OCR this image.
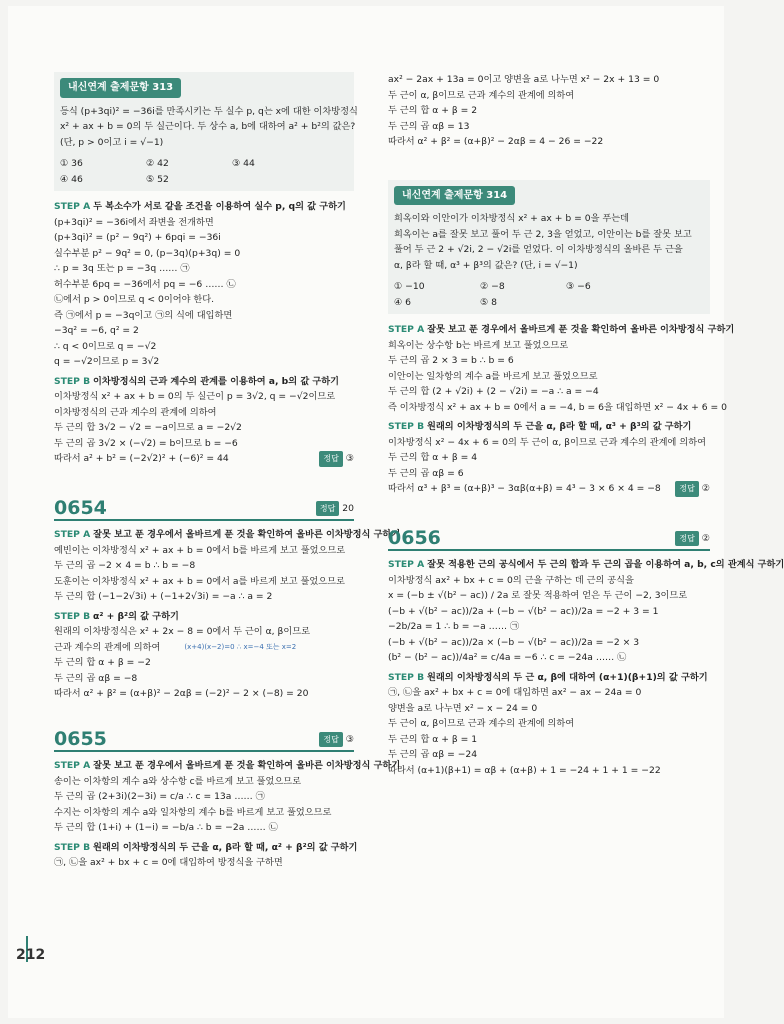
내신연계 출제문항 313
등식 (p+3qi)² = −36i를 만족시키는 두 실수 p, q는 x에 대한 이차방정식
x² + ax + b = 0의 두 실근이다. 두 상수 a, b에 대하여 a² + b²의 값은?
(단, p > 0이고 i = √−1)
① 36	② 42	③ 44
④ 46	⑤ 52
STEP A 두 복소수가 서로 같을 조건을 이용하여 실수 p, q의 값 구하기
(p+3qi)² = −36i에서 좌변을 전개하면
(p+3qi)² = (p² − 9q²) + 6pqi = −36i
실수부분 p² − 9q² = 0, (p−3q)(p+3q) = 0
∴ p = 3q 또는 p = −3q …… ㉠
허수부분 6pq = −36에서 pq = −6 …… ㉡
㉡에서 p > 0이므로 q < 0이어야 한다.
즉 ㉠에서 p = −3q이고 ㉠의 식에 대입하면
−3q² = −6, q² = 2
∴ q < 0이므로 q = −√2
q = −√2이므로 p = 3√2
STEP B 이차방정식의 근과 계수의 관계를 이용하여 a, b의 값 구하기
이차방정식 x² + ax + b = 0의 두 실근이 p = 3√2, q = −√2이므로
이차방정식의 근과 계수의 관계에 의하여
두 근의 합 3√2 − √2 = −a이므로 a = −2√2
두 근의 곱 3√2 × (−√2) = b이므로 b = −6
따라서 a² + b² = (−2√2)² + (−6)² = 44	정답 ③
0654	정답 20
STEP A 잘못 보고 푼 경우에서 올바르게 푼 것을 확인하여 올바른 이차방정식 구하기
예빈이는 이차방정식 x² + ax + b = 0에서 b를 바르게 보고 풀었으므로
두 근의 곱 −2 × 4 = b ∴ b = −8
도훈이는 이차방정식 x² + ax + b = 0에서 a를 바르게 보고 풀었으므로
두 근의 합 (−1−2√3i) + (−1+2√3i) = −a ∴ a = 2
STEP B α² + β²의 값 구하기
원래의 이차방정식은 x² + 2x − 8 = 0에서 두 근이 α, β이므로
근과 계수의 관계에 의하여	(x+4)(x−2)=0 ∴ x=−4 또는 x=2
두 근의 합 α + β = −2
두 근의 곱 αβ = −8
따라서 α² + β² = (α+β)² − 2αβ = (−2)² − 2 × (−8) = 20
0655	정답 ③
STEP A 잘못 보고 푼 경우에서 올바르게 푼 것을 확인하여 올바른 이차방정식 구하기
송이는 이차항의 계수 a와 상수항 c를 바르게 보고 풀었으므로
두 근의 곱 (2+3i)(2−3i) = c/a ∴ c = 13a …… ㉠
수지는 이차항의 계수 a와 일차항의 계수 b를 바르게 보고 풀었으므로
두 근의 합 (1+i) + (1−i) = −b/a ∴ b = −2a …… ㉡
STEP B 원래의 이차방정식의 두 근을 α, β라 할 때, α² + β²의 값 구하기
㉠, ㉡을 ax² + bx + c = 0에 대입하여 방정식을 구하면
ax² − 2ax + 13a = 0이고 양변을 a로 나누면 x² − 2x + 13 = 0
두 근이 α, β이므로 근과 계수의 관계에 의하여
두 근의 합 α + β = 2
두 근의 곱 αβ = 13
따라서 α² + β² = (α+β)² − 2αβ = 4 − 26 = −22
내신연계 출제문항 314
희옥이와 이안이가 이차방정식 x² + ax + b = 0을 푸는데
희옥이는 a를 잘못 보고 풀어 두 근 2, 3을 얻었고, 이안이는 b를 잘못 보고
풀어 두 근 2 + √2i, 2 − √2i를 얻었다. 이 이차방정식의 올바른 두 근을
α, β라 할 때, α³ + β³의 값은? (단, i = √−1)
① −10	② −8	③ −6
④ 6	⑤ 8
STEP A 잘못 보고 푼 경우에서 올바르게 푼 것을 확인하여 올바른 이차방정식 구하기
희옥이는 상수항 b는 바르게 보고 풀었으므로
두 근의 곱 2 × 3 = b ∴ b = 6
이안이는 일차항의 계수 a를 바르게 보고 풀었으므로
두 근의 합 (2 + √2i) + (2 − √2i) = −a ∴ a = −4
즉 이차방정식 x² + ax + b = 0에서 a = −4, b = 6을 대입하면 x² − 4x + 6 = 0
STEP B 원래의 이차방정식의 두 근을 α, β라 할 때, α³ + β³의 값 구하기
이차방정식 x² − 4x + 6 = 0의 두 근이 α, β이므로 근과 계수의 관계에 의하여
두 근의 합 α + β = 4
두 근의 곱 αβ = 6
따라서 α³ + β³ = (α+β)³ − 3αβ(α+β) = 4³ − 3 × 6 × 4 = −8	정답 ②
0656	정답 ②
STEP A 잘못 적용한 근의 공식에서 두 근의 합과 두 근의 곱을 이용하여 a, b, c의 관계식 구하기
이차방정식 ax² + bx + c = 0의 근을 구하는 데 근의 공식을
x = (−b ± √(b² − ac)) / 2a 로 잘못 적용하여 얻은 두 근이 −2, 3이므로
(−b + √(b² − ac))/2a + (−b − √(b² − ac))/2a = −2 + 3 = 1
−2b/2a = 1 ∴ b = −a …… ㉠
(−b + √(b² − ac))/2a × (−b − √(b² − ac))/2a = −2 × 3
(b² − (b² − ac))/4a² = c/4a = −6 ∴ c = −24a …… ㉡
STEP B 원래의 이차방정식의 두 근 α, β에 대하여 (α+1)(β+1)의 값 구하기
㉠, ㉡을 ax² + bx + c = 0에 대입하면 ax² − ax − 24a = 0
양변을 a로 나누면 x² − x − 24 = 0
두 근이 α, β이므로 근과 계수의 관계에 의하여
두 근의 합 α + β = 1
두 근의 곱 αβ = −24
따라서 (α+1)(β+1) = αβ + (α+β) + 1 = −24 + 1 + 1 = −22
212
